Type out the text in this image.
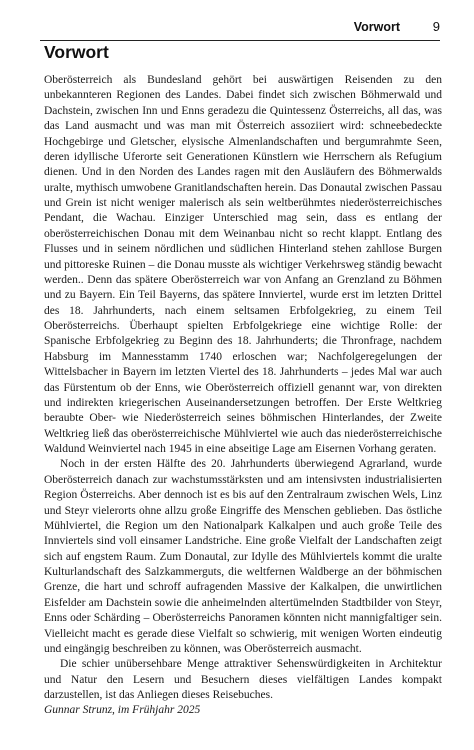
Vorwort	9
Vorwort

Oberösterreich als Bundesland gehört bei auswärtigen Reisenden zu den unbekannteren Regionen des Landes. Dabei findet sich zwischen Böhmerwald und Dachstein, zwischen Inn und Enns geradezu die Quintessenz Österreichs, all das, was das Land ausmacht und was man mit Österreich assoziiert wird: schneebedeckte Hochgebirge und Gletscher, elysische Almenlandschaften und bergumrahmte Seen, deren idyllische Uferorte seit Generationen Künstlern wie Herrschern als Refugium dienen. Und in den Norden des Landes ragen mit den Ausläufern des Böhmerwalds uralte, mythisch umwobene Granitlandschaften herein. Das Donautal zwischen Passau und Grein ist nicht weniger malerisch als sein weltberühmtes niederösterreichisches Pendant, die Wachau. Einziger Unterschied mag sein, dass es entlang der oberösterreichischen Donau mit dem Weinanbau nicht so recht klappt. Entlang des Flusses und in seinem nördlichen und südlichen Hinterland stehen zahllose Burgen und pittoreske Ruinen – die Donau musste als wichtiger Verkehrsweg ständig bewacht werden.. Denn das spätere Oberösterreich war von Anfang an Grenzland zu Böhmen und zu Bayern. Ein Teil Bayerns, das spätere Innviertel, wurde erst im letzten Drittel des 18. Jahrhunderts, nach einem seltsamen Erbfolgekrieg, zu einem Teil Oberösterreichs. Überhaupt spielten Erbfolgekriege eine wichtige Rolle: der Spanische Erbfolgekrieg zu Beginn des 18. Jahrhunderts; die Thronfrage, nachdem Habsburg im Mannesstamm 1740 erloschen war; Nachfolgeregelungen der Wittelsbacher in Bayern im letzten Viertel des 18. Jahrhunderts – jedes Mal war auch das Fürstentum ob der Enns, wie Oberösterreich offiziell genannt war, von direkten und indirekten kriegerischen Auseinandersetzungen betroffen. Der Erste Weltkrieg beraubte Ober- wie Niederösterreich seines böhmischen Hinterlandes, der Zweite Weltkrieg ließ das oberösterreichische Mühlviertel wie auch das niederösterreichische Waldund Weinviertel nach 1945 in eine abseitige Lage am Eisernen Vorhang geraten.

Noch in der ersten Hälfte des 20. Jahrhunderts überwiegend Agrarland, wurde Oberösterreich danach zur wachstumsstärksten und am intensivsten industrialisierten Region Österreichs. Aber dennoch ist es bis auf den Zentralraum zwischen Wels, Linz und Steyr vielerorts ohne allzu große Eingriffe des Menschen geblieben. Das östliche Mühlviertel, die Region um den Nationalpark Kalkalpen und auch große Teile des Innviertels sind voll einsamer Landstriche. Eine große Vielfalt der Landschaften zeigt sich auf engstem Raum. Zum Donautal, zur Idylle des Mühlviertels kommt die uralte Kulturlandschaft des Salzkammerguts, die weltfernen Waldberge an der böhmischen Grenze, die hart und schroff aufragenden Massive der Kalkalpen, die unwirtlichen Eisfelder am Dachstein sowie die anheimelnden altertümelnden Stadtbilder von Steyr, Enns oder Schärding – Oberösterreichs Panoramen könnten nicht mannigfaltiger sein. Vielleicht macht es gerade diese Vielfalt so schwierig, mit wenigen Worten eindeutig und eingängig beschreiben zu können, was Oberösterreich ausmacht.

Die schier unübersehbare Menge attraktiver Sehenswürdigkeiten in Architektur und Natur den Lesern und Besuchern dieses vielfältigen Landes kompakt darzustellen, ist das Anliegen dieses Reisebuches.

Gunnar Strunz, im Frühjahr 2025
